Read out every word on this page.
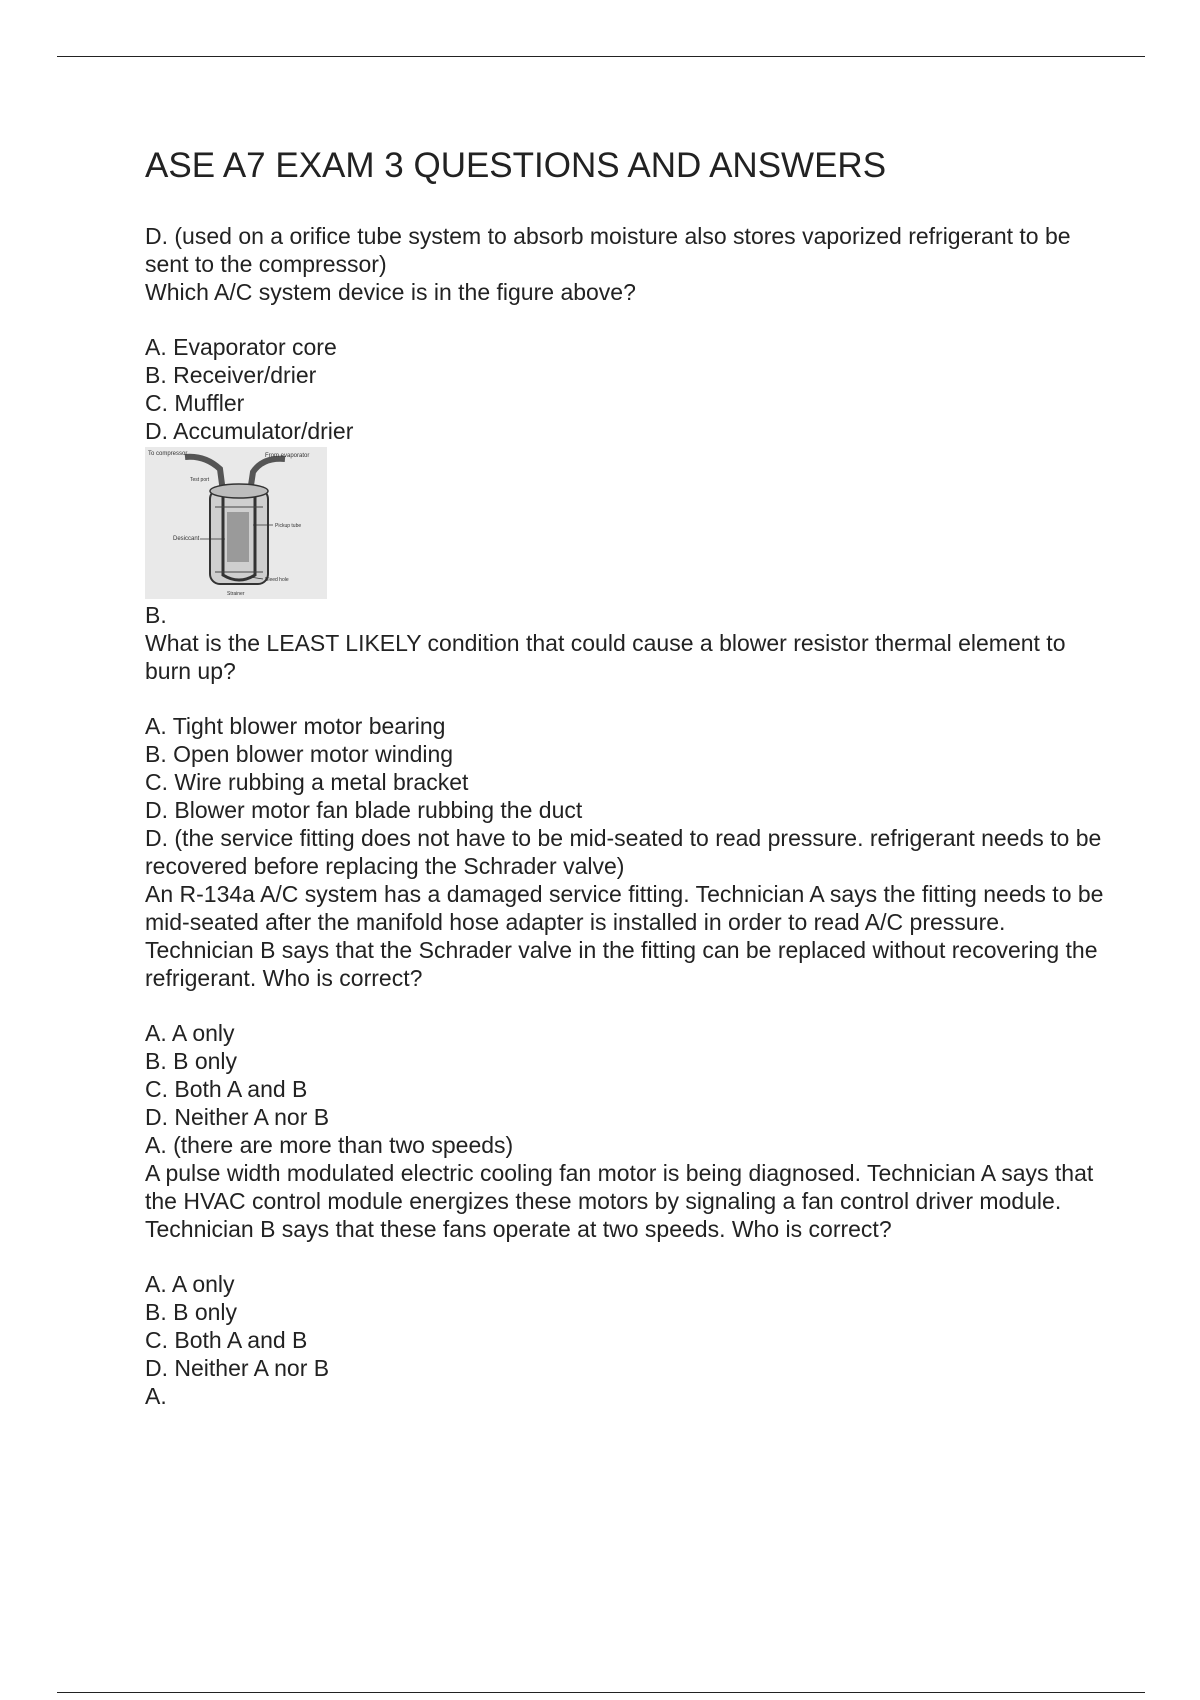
ASE A7 EXAM 3 QUESTIONS AND ANSWERS
D. (used on a orifice tube system to absorb moisture also stores vaporized refrigerant to be sent to the compressor)
Which A/C system device is in the figure above?
A. Evaporator core
B. Receiver/drier
C. Muffler
D. Accumulator/drier
To compressor	From evaporator
Test port
Desiccant
Pickup tube
Bleed hole
Strainer
B.
What is the LEAST LIKELY condition that could cause a blower resistor thermal element to burn up?
A. Tight blower motor bearing
B. Open blower motor winding
C. Wire rubbing a metal bracket
D. Blower motor fan blade rubbing the duct
D. (the service fitting does not have to be mid-seated to read pressure. refrigerant needs to be recovered before replacing the Schrader valve)
An R-134a A/C system has a damaged service fitting. Technician A says the fitting needs to be mid-seated after the manifold hose adapter is installed in order to read A/C pressure.
Technician B says that the Schrader valve in the fitting can be replaced without recovering the refrigerant. Who is correct?
A. A only
B. B only
C. Both A and B
D. Neither A nor B
A. (there are more than two speeds)
A pulse width modulated electric cooling fan motor is being diagnosed. Technician A says that the HVAC control module energizes these motors by signaling a fan control driver module. Technician B says that these fans operate at two speeds. Who is correct?
A. A only
B. B only
C. Both A and B
D. Neither A nor B
A.
